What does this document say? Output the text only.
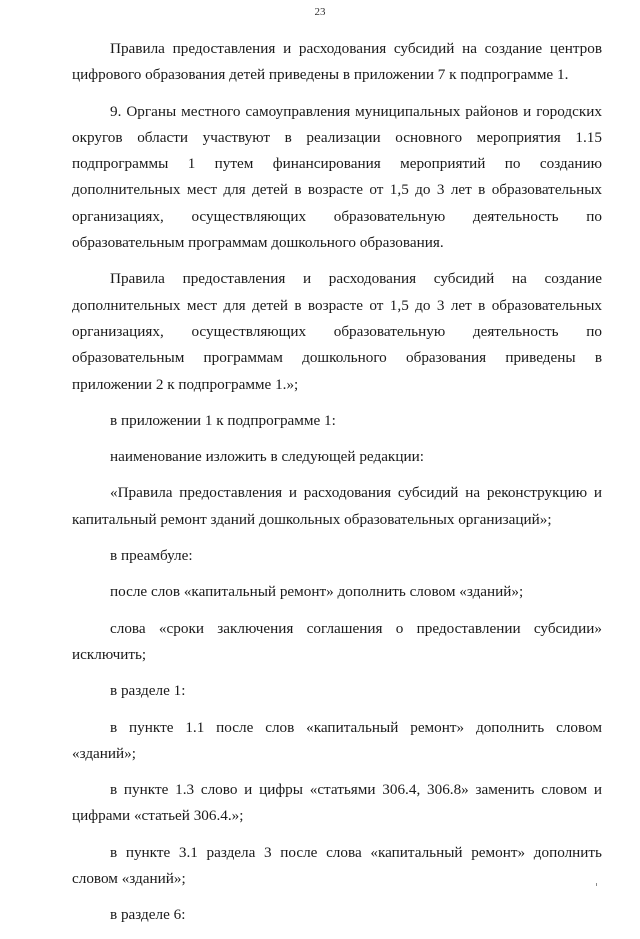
23

Правила предоставления и расходования субсидий на создание центров цифрового образования детей приведены в приложении 7 к подпрограмме 1.

9. Органы местного самоуправления муниципальных районов и городских округов области участвуют в реализации основного мероприятия 1.15 подпрограммы 1 путем финансирования мероприятий по созданию дополнительных мест для детей в возрасте от 1,5 до 3 лет в образовательных организациях, осуществляющих образовательную деятельность по образовательным программам дошкольного образования.

Правила предоставления и расходования субсидий на создание дополнительных мест для детей в возрасте от 1,5 до 3 лет в образовательных организациях, осуществляющих образовательную деятельность по образовательным программам дошкольного образования приведены в приложении 2 к подпрограмме 1.»;

в приложении 1 к подпрограмме 1:

наименование изложить в следующей редакции:

«Правила предоставления и расходования субсидий на реконструкцию и капитальный ремонт зданий дошкольных образовательных организаций»;

в преамбуле:

после слов «капитальный ремонт» дополнить словом «зданий»;

слова «сроки заключения соглашения о предоставлении субсидии» исключить;

в разделе 1:

в пункте 1.1 после слов «капитальный ремонт» дополнить словом «зданий»;

в пункте 1.3 слово и цифры «статьями 306.4, 306.8» заменить словом и цифрами «статьей 306.4.»;

в пункте 3.1 раздела 3 после слова «капитальный ремонт» дополнить словом «зданий»;

в разделе 6:
